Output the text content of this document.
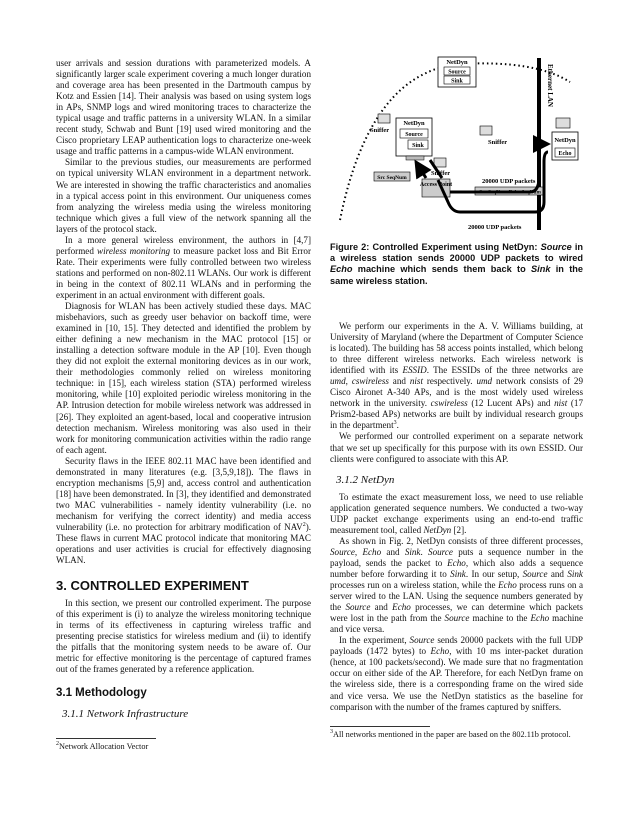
user arrivals and session durations with parameterized models. A significantly larger scale experiment covering a much longer duration and coverage area has been presented in the Dartmouth campus by Kotz and Essien [14]. Their analysis was based on using system logs in APs, SNMP logs and wired monitoring traces to characterize the typical usage and traffic patterns in a university WLAN. In a similar recent study, Schwab and Bunt [19] used wired monitoring and the Cisco proprietary LEAP authentication logs to characterize one-week usage and traffic patterns in a campus-wide WLAN environment.

Similar to the previous studies, our measurements are performed on typical university WLAN environment in a department network. We are interested in showing the traffic characteristics and anomalies in a typical access point in this environment. Our uniqueness comes from analyzing the wireless media using the wireless monitoring technique which gives a full view of the network spanning all the layers of the protocol stack.

In a more general wireless environment, the authors in [4,7] performed wireless monitoring to measure packet loss and Bit Error Rate. Their experiments were fully controlled between two wireless stations and performed on non-802.11 WLANs. Our work is different in being in the context of 802.11 WLANs and in performing the experiment in an actual environment with different goals.

Diagnosis for WLAN has been actively studied these days. MAC misbehaviors, such as greedy user behavior on backoff time, were examined in [10, 15]. They detected and identified the problem by either defining a new mechanism in the MAC protocol [15] or installing a detection software module in the AP [10]. Even though they did not exploit the external monitoring devices as in our work, their methodologies commonly relied on wireless monitoring technique: in [15], each wireless station (STA) performed wireless monitoring, while [10] exploited periodic wireless monitoring in the AP. Intrusion detection for mobile wireless network was addressed in [26]. They exploited an agent-based, local and cooperative intrusion detection mechanism. Wireless monitoring was also used in their work for monitoring communication activities within the radio range of each agent.

Security flaws in the IEEE 802.11 MAC have been identified and demonstrated in many literatures (e.g. [3,5,9,18]). The flaws in encryption mechanisms [5,9] and, access control and authentication [18] have been demonstrated. In [3], they identified and demonstrated two MAC vulnerabilities - namely identity vulnerability (i.e. no mechanism for verifying the correct identity) and media access vulnerability (i.e. no protection for arbitrary modification of NAV$^2$). These flaws in current MAC protocol indicate that monitoring MAC operations and user activities is crucial for effectively diagnosing WLAN.

3. CONTROLLED EXPERIMENT

In this section, we present our controlled experiment. The purpose of this experiment is (i) to analyze the wireless monitoring technique in terms of its effectiveness in capturing wireless traffic and presenting precise statistics for wireless medium and (ii) to identify the pitfalls that the monitoring system needs to be aware of. Our metric for effective monitoring is the percentage of captured frames out of the frames generated by a reference application.

3.1 Methodology
3.1.1 Network Infrastructure
$^2$Network Allocation Vector
Ethernet LAN
NetDyn
Source
Sink
Sniffer
Sniffer
NetDyn
Source
Sink
NetDyn
Echo
Sniffer
Src SeqNum
Access Point	20000 UDP packets
Src SeqNum Echo SeqNum
20000 UDP packets
Figure 2: Controlled Experiment using NetDyn: Source in a wireless station sends 20000 UDP packets to wired Echo machine which sends them back to Sink in the same wireless station.

We perform our experiments in the A. V. Williams building, at University of Maryland (where the Department of Computer Science is located). The building has 58 access points installed, which belong to three different wireless networks. Each wireless network is identified with its ESSID. The ESSIDs of the three networks are umd, cswireless and nist respectively. umd network consists of 29 Cisco Aironet A-340 APs, and is the most widely used wireless network in the university. cswireless (12 Lucent APs) and nist (17 Prism2-based APs) networks are built by individual research groups in the department$^3$.

We performed our controlled experiment on a separate network that we set up specifically for this purpose with its own ESSID. Our clients were configured to associate with this AP.

3.1.2 NetDyn

To estimate the exact measurement loss, we need to use reliable application generated sequence numbers. We conducted a two-way UDP packet exchange experiments using an end-to-end traffic measurement tool, called NetDyn [2].

As shown in Fig. 2, NetDyn consists of three different processes, Source, Echo and Sink. Source puts a sequence number in the payload, sends the packet to Echo, which also adds a sequence number before forwarding it to Sink. In our setup, Source and Sink processes run on a wireless station, while the Echo process runs on a server wired to the LAN. Using the sequence numbers generated by the Source and Echo processes, we can determine which packets were lost in the path from the Source machine to the Echo machine and vice versa.

In the experiment, Source sends 20000 packets with the full UDP payloads (1472 bytes) to Echo, with 10 ms inter-packet duration (hence, at 100 packets/second). We made sure that no fragmentation occur on either side of the AP. Therefore, for each NetDyn frame on the wireless side, there is a corresponding frame on the wired side and vice versa. We use the NetDyn statistics as the baseline for comparison with the number of the frames captured by sniffers.

$^3$All networks mentioned in the paper are based on the 802.11b protocol.
